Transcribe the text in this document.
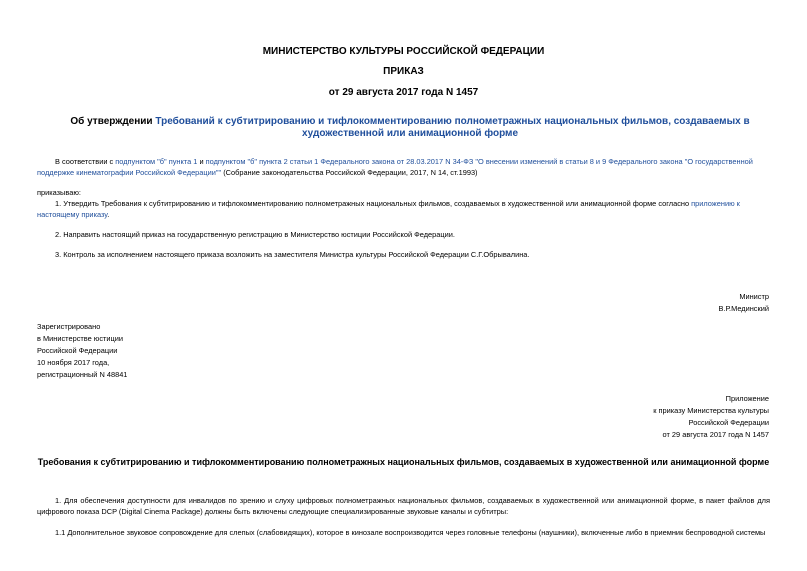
МИНИСТЕРСТВО КУЛЬТУРЫ РОССИЙСКОЙ ФЕДЕРАЦИИ
ПРИКАЗ
от 29 августа 2017 года N 1457
Об утверждении Требований к субтитрированию и тифлокомментированию полнометражных национальных фильмов, создаваемых в художественной или анимационной форме
В соответствии с подпунктом "б" пункта 1 и подпунктом "б" пункта 2 статьи 1 Федерального закона от 28.03.2017 N 34-ФЗ "О внесении изменений в статьи 8 и 9 Федерального закона "О государственной поддержке кинематографии Российской Федерации"" (Собрание законодательства Российской Федерации, 2017, N 14, ст.1993)
приказываю:
1. Утвердить Требования к субтитрированию и тифлокомментированию полнометражных национальных фильмов, создаваемых в художественной или анимационной форме согласно приложению к настоящему приказу.
2. Направить настоящий приказ на государственную регистрацию в Министерство юстиции Российской Федерации.
3. Контроль за исполнением настоящего приказа возложить на заместителя Министра культуры Российской Федерации С.Г.Обрывалина.
Министр
В.Р.Мединский
Зарегистрировано
в Министерстве юстиции
Российской Федерации
10 ноября 2017 года,
регистрационный N 48841
Приложение
к приказу Министерства культуры
Российской Федерации
от 29 августа 2017 года N 1457
Требования к субтитрированию и тифлокомментированию полнометражных национальных фильмов, создаваемых в художественной или анимационной форме
1. Для обеспечения доступности для инвалидов по зрению и слуху цифровых полнометражных национальных фильмов, создаваемых в художественной или анимационной форме, в пакет файлов для цифрового показа DCP (Digital Cinema Package) должны быть включены следующие специализированные звуковые каналы и субтитры:
1.1 Дополнительное звуковое сопровождение для слепых (слабовидящих), которое в кинозале воспроизводится через головные телефоны (наушники), включенные либо в приемник беспроводной системы
